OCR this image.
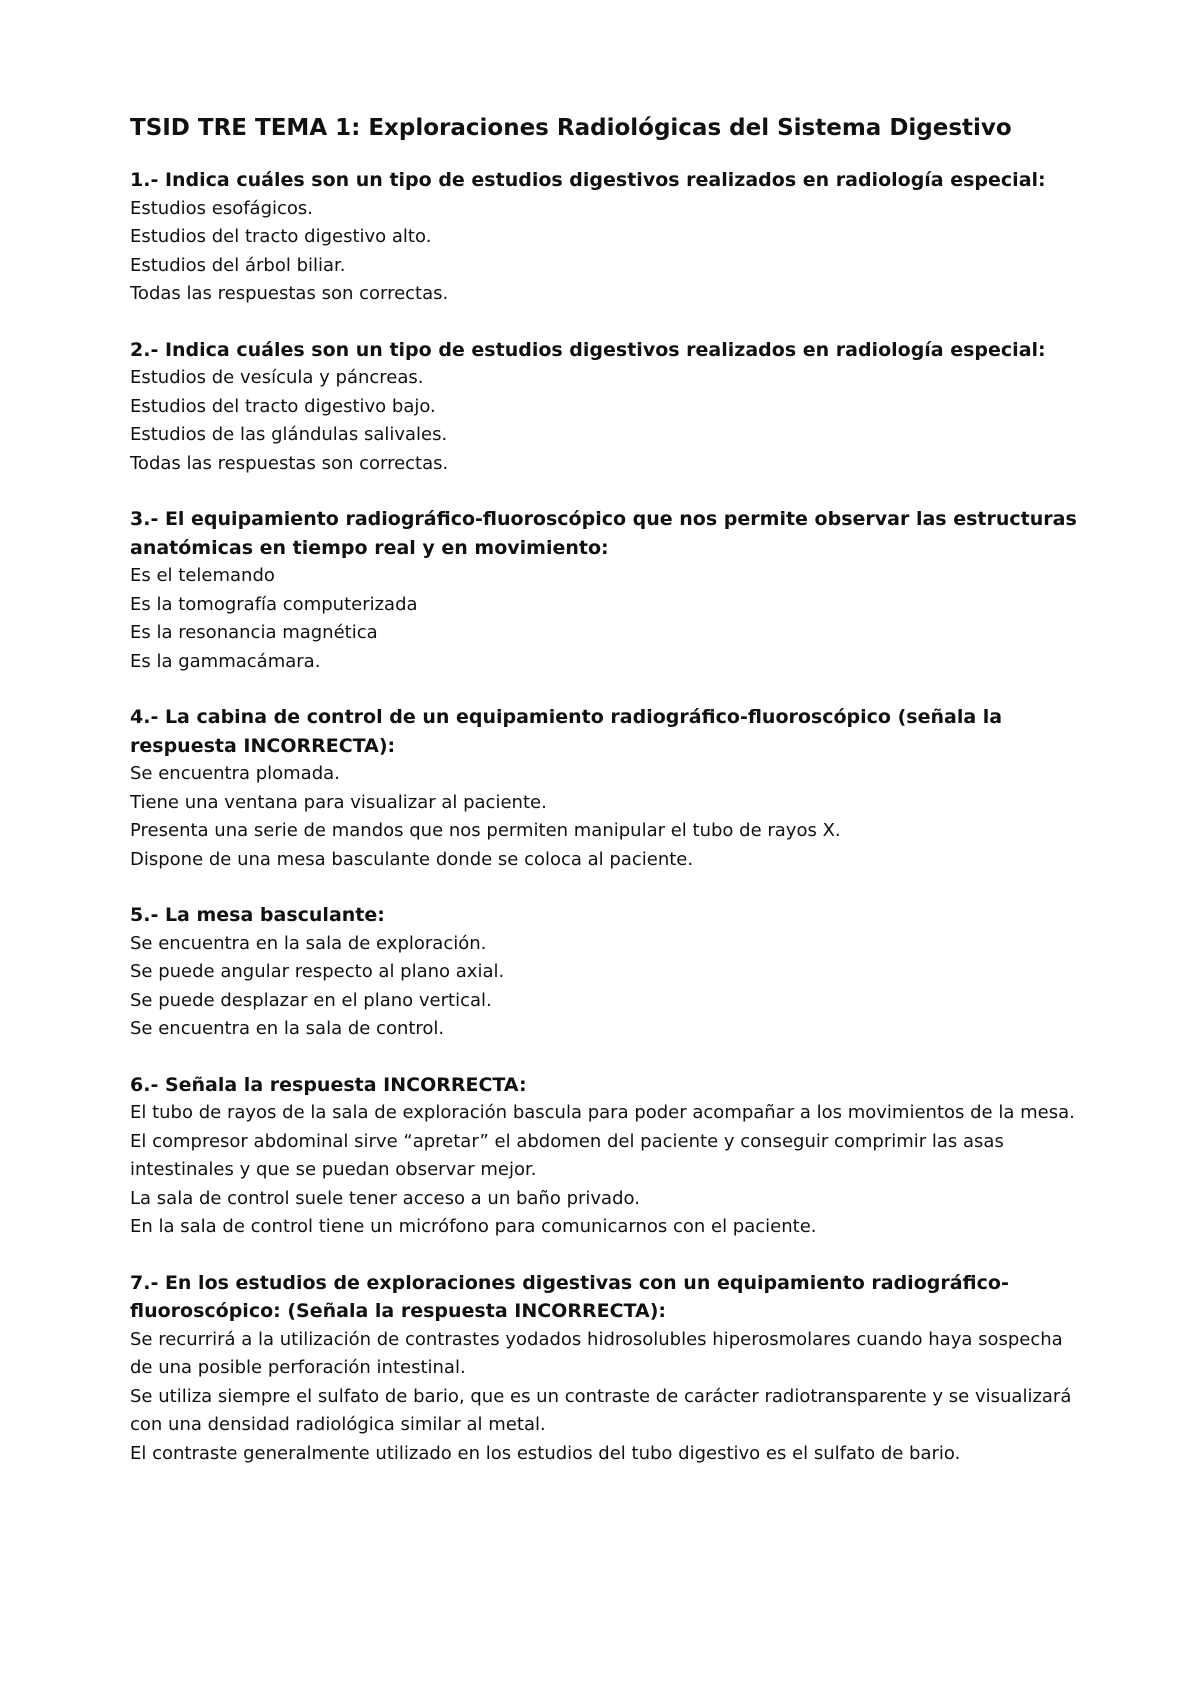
TSID TRE TEMA 1: Exploraciones Radiológicas del Sistema Digestivo

1.- Indica cuáles son un tipo de estudios digestivos realizados en radiología especial:

Estudios esofágicos.
Estudios del tracto digestivo alto.
Estudios del árbol biliar.
Todas las respuestas son correctas.

2.- Indica cuáles son un tipo de estudios digestivos realizados en radiología especial:

Estudios de vesícula y páncreas.
Estudios del tracto digestivo bajo.
Estudios de las glándulas salivales.
Todas las respuestas son correctas.

3.- El equipamiento radiográfico-fluoroscópico que nos permite observar las estructuras anatómicas en tiempo real y en movimiento:

Es el telemando
Es la tomografía computerizada
Es la resonancia magnética
Es la gammacámara.

4.- La cabina de control de un equipamiento radiográfico-fluoroscópico (señala la respuesta INCORRECTA):

Se encuentra plomada.
Tiene una ventana para visualizar al paciente.
Presenta una serie de mandos que nos permiten manipular el tubo de rayos X.
Dispone de una mesa basculante donde se coloca al paciente.

5.- La mesa basculante:

Se encuentra en la sala de exploración.
Se puede angular respecto al plano axial.
Se puede desplazar en el plano vertical.
Se encuentra en la sala de control.

6.- Señala la respuesta INCORRECTA:

El tubo de rayos de la sala de exploración bascula para poder acompañar a los movimientos de la mesa.
El compresor abdominal sirve “apretar” el abdomen del paciente y conseguir comprimir las asas intestinales y que se puedan observar mejor.
La sala de control suele tener acceso a un baño privado.
En la sala de control tiene un micrófono para comunicarnos con el paciente.

7.- En los estudios de exploraciones digestivas con un equipamiento radiográfico-fluoroscópico: (Señala la respuesta INCORRECTA):

Se recurrirá a la utilización de contrastes yodados hidrosolubles hiperosmolares cuando haya sospecha de una posible perforación intestinal.
Se utiliza siempre el sulfato de bario, que es un contraste de carácter radiotransparente y se visualizará con una densidad radiológica similar al metal.
El contraste generalmente utilizado en los estudios del tubo digestivo es el sulfato de bario.
